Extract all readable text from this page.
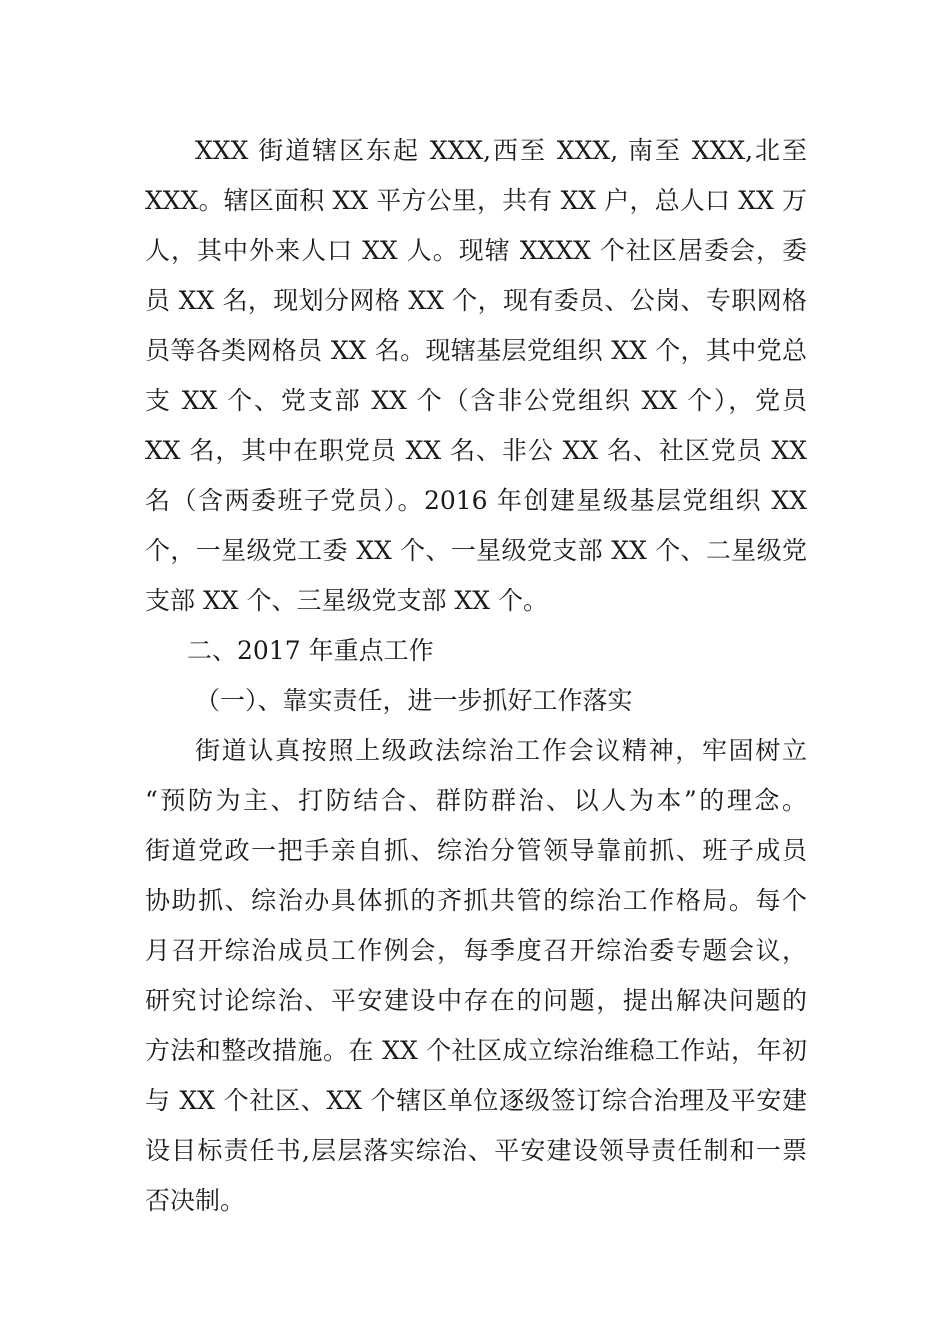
XXX 街道辖区东起 XXX,西至 XXX, 南至 XXX,北至
XXX。辖区面积 XX 平方公里，共有 XX 户，总人口 XX 万
人，其中外来人口 XX 人。现辖 XXXX 个社区居委会，委
员 XX 名，现划分网格 XX 个，现有委员、公岗、专职网格
员等各类网格员 XX 名。现辖基层党组织 XX 个，其中党总
支 XX 个、党支部 XX 个（含非公党组织 XX 个），党员
XX 名，其中在职党员 XX 名、非公 XX 名、社区党员 XX
名（含两委班子党员）。2016 年创建星级基层党组织 XX
个，一星级党工委 XX 个、一星级党支部 XX 个、二星级党
支部 XX 个、三星级党支部 XX 个。
二、2017 年重点工作
（一）、靠实责任，进一步抓好工作落实
街道认真按照上级政法综治工作会议精神，牢固树立
“预防为主、打防结合、群防群治、以人为本”的理念。
街道党政一把手亲自抓、综治分管领导靠前抓、班子成员
协助抓、综治办具体抓的齐抓共管的综治工作格局。每个
月召开综治成员工作例会，每季度召开综治委专题会议，
研究讨论综治、平安建设中存在的问题，提出解决问题的
方法和整改措施。在 XX 个社区成立综治维稳工作站，年初
与 XX 个社区、XX 个辖区单位逐级签订综合治理及平安建
设目标责任书,层层落实综治、平安建设领导责任制和一票
否决制。
